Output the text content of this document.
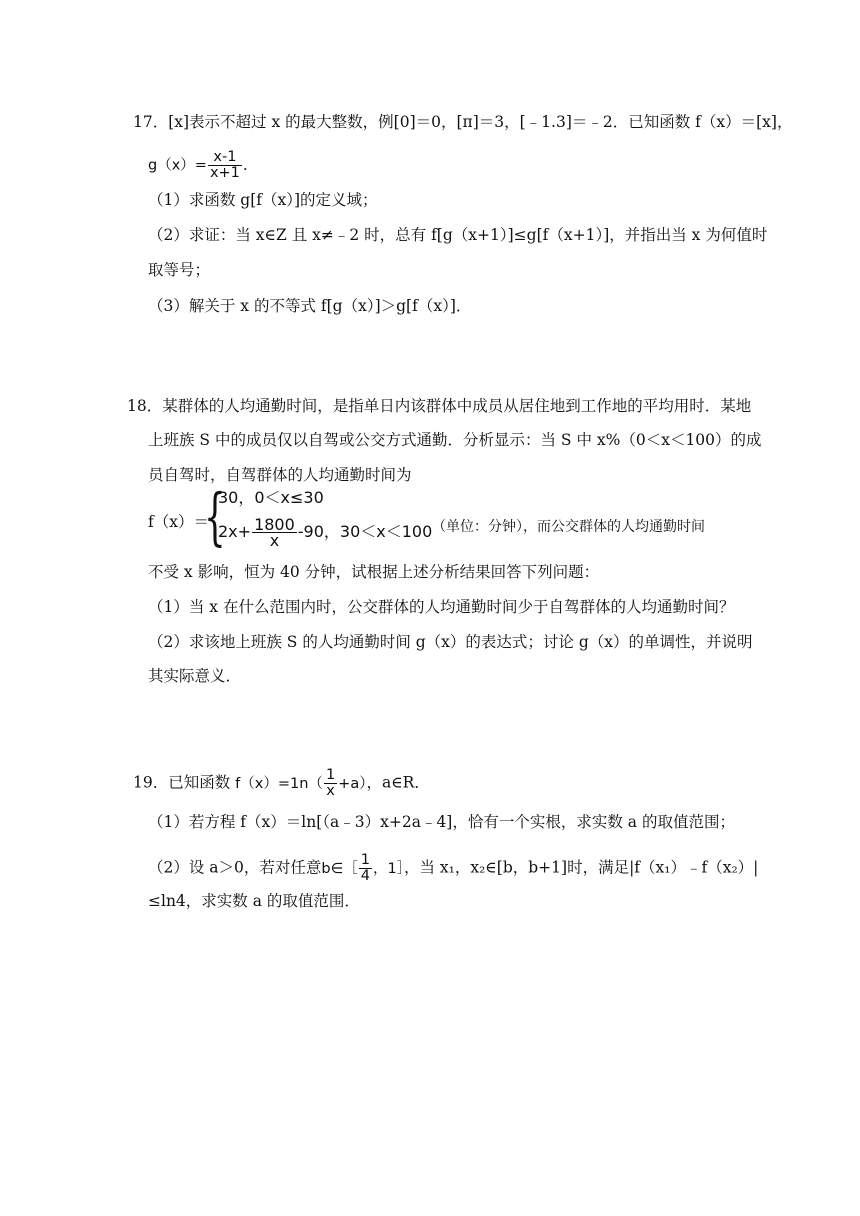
17．[x]表示不超过 x 的最大整数，例[0]＝0，[π]＝3，[﹣1.3]＝﹣2．已知函数 f（x）＝[x]，
$g(x)= \frac{x-1}{x+1}$ ．
（1）求函数 g[f（x）]的定义域；
（2）求证：当 x∈Z 且 x≠﹣2 时，总有 f[g（x+1）]≤g[f（x+1）]，并指出当 x 为何值时
取等号；
（3）解关于 x 的不等式 f[g（x）]＞g[f（x）]．
18．某群体的人均通勤时间，是指单日内该群体中成员从居住地到工作地的平均用时．某地
上班族 S 中的成员仅以自驾或公交方式通勤．分析显示：当 S 中 x%（0＜x＜100）的成
员自驾时，自驾群体的人均通勤时间为
f（x）＝
{
30，0＜x≤30
$2x+ \frac{1800}{x} -90$，30＜x＜100 （单位：分钟），而公交群体的人均通勤时间
不受 x 影响，恒为 40 分钟，试根据上述分析结果回答下列问题：
（1）当 x 在什么范围内时，公交群体的人均通勤时间少于自驾群体的人均通勤时间？
（2）求该地上班族 S 的人均通勤时间 g（x）的表达式；讨论 g（x）的单调性，并说明
其实际意义．
19．已知函数 $f(x)=1n( \frac{1}{x} +a)$，a∈R．
（1）若方程 f（x）＝ln[（a﹣3）x+2a﹣4]，恰有一个实根，求实数 a 的取值范围；
（2）设 a＞0，若对任意b∈［ $\frac{1}{4}$ ，1］，当 x₁，x₂∈[b，b+1]时，满足|f（x₁）﹣f（x₂）|
≤ln4，求实数 a 的取值范围．
